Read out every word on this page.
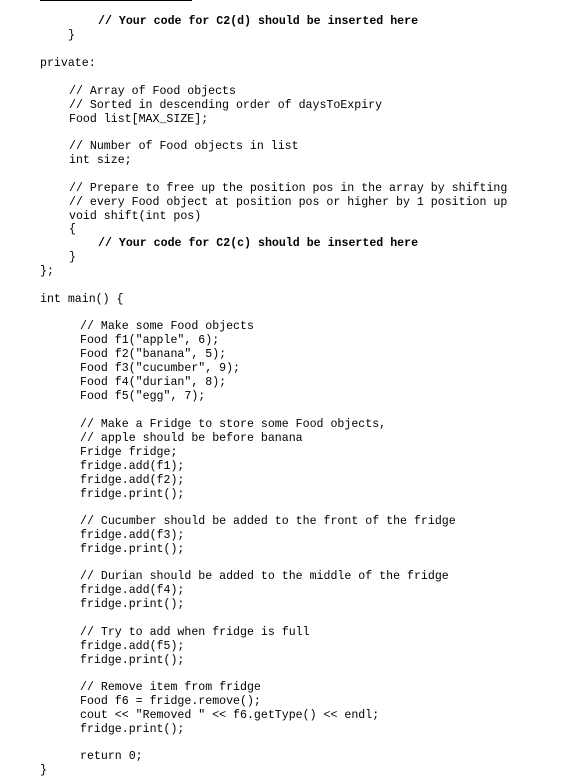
// Your code for C2(d) should be inserted here
}
private:
// Array of Food objects
// Sorted in descending order of daysToExpiry
Food list[MAX_SIZE];
// Number of Food objects in list
int size;
// Prepare to free up the position pos in the array by shifting
// every Food object at position pos or higher by 1 position up
void shift(int pos)
{
// Your code for C2(c) should be inserted here
}
};
int main() {
// Make some Food objects
Food f1("apple", 6);
Food f2("banana", 5);
Food f3("cucumber", 9);
Food f4("durian", 8);
Food f5("egg", 7);
// Make a Fridge to store some Food objects,
// apple should be before banana
Fridge fridge;
fridge.add(f1);
fridge.add(f2);
fridge.print();
// Cucumber should be added to the front of the fridge
fridge.add(f3);
fridge.print();
// Durian should be added to the middle of the fridge
fridge.add(f4);
fridge.print();
// Try to add when fridge is full
fridge.add(f5);
fridge.print();
// Remove item from fridge
Food f6 = fridge.remove();
cout << "Removed " << f6.getType() << endl;
fridge.print();
return 0;
}
